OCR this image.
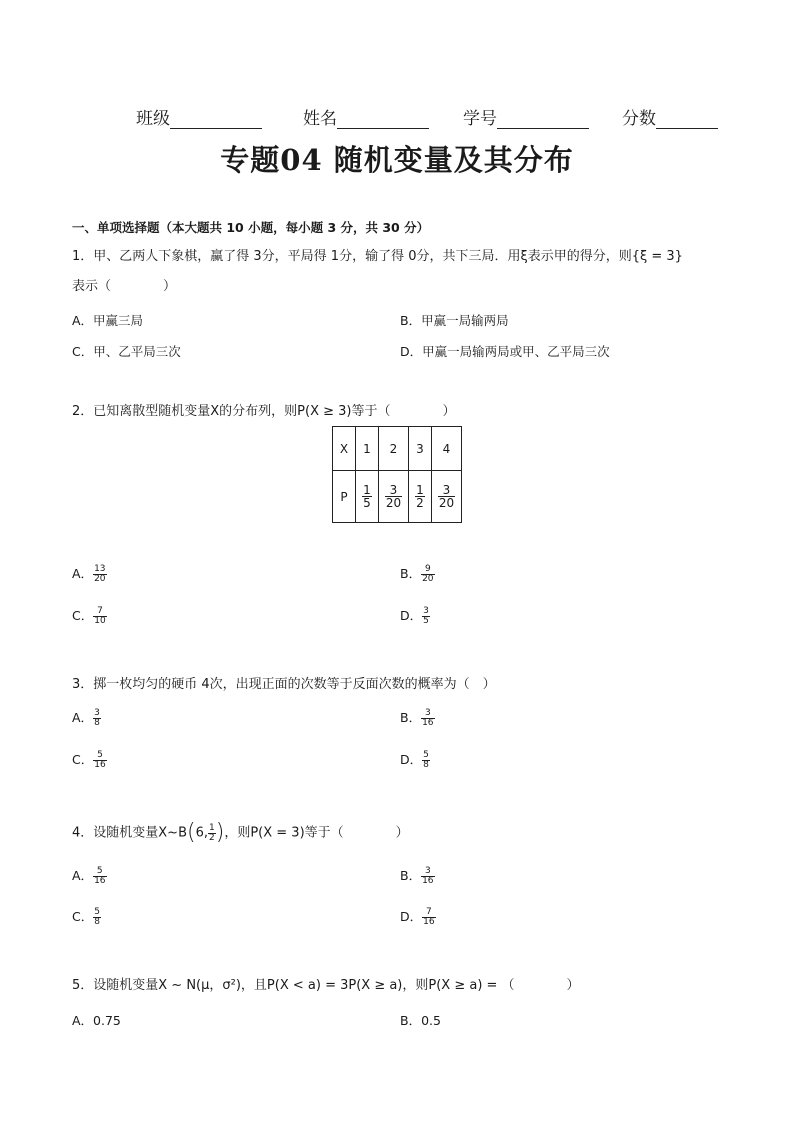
班级	姓名	学号	分数
专题04 随机变量及其分布
一、单项选择题（本大题共 10 小题，每小题 3 分，共 30 分）
1．甲、乙两人下象棋，赢了得 3分，平局得 1分，输了得 0分，共下三局．用ξ表示甲的得分，则{ξ = 3}
表示（　　　　）
A．甲赢三局	B．甲赢一局输两局
C．甲、乙平局三次	D．甲赢一局输两局或甲、乙平局三次
2．已知离散型随机变量X的分布列，则P(X ≥ 3)等于（　　　　）
X	1	2	3	4
P	$\frac{1}{5}$	$\frac{3}{20}$	$\frac{1}{2}$	$\frac{3}{20}$
A． $\frac{13}{20}$	B． $\frac{9}{20}$
C． $\frac{7}{10}$	D． $\frac{3}{5}$
3．掷一枚均匀的硬币 4次，出现正面的次数等于反面次数的概率为（　）
A． $\frac{3}{8}$	B． $\frac{3}{16}$
C． $\frac{5}{16}$	D． $\frac{5}{8}$
4．设随机变量X~B(6, $\frac{1}{2}$ )，则P(X = 3)等于（　　　　）
A． $\frac{5}{16}$	B． $\frac{3}{16}$
C． $\frac{5}{8}$	D． $\frac{7}{16}$
5．设随机变量X ~ N(μ，σ²)，且P(X < a) = 3P(X ≥ a)，则P(X ≥ a) = （　　　　）
A．0.75	B．0.5
